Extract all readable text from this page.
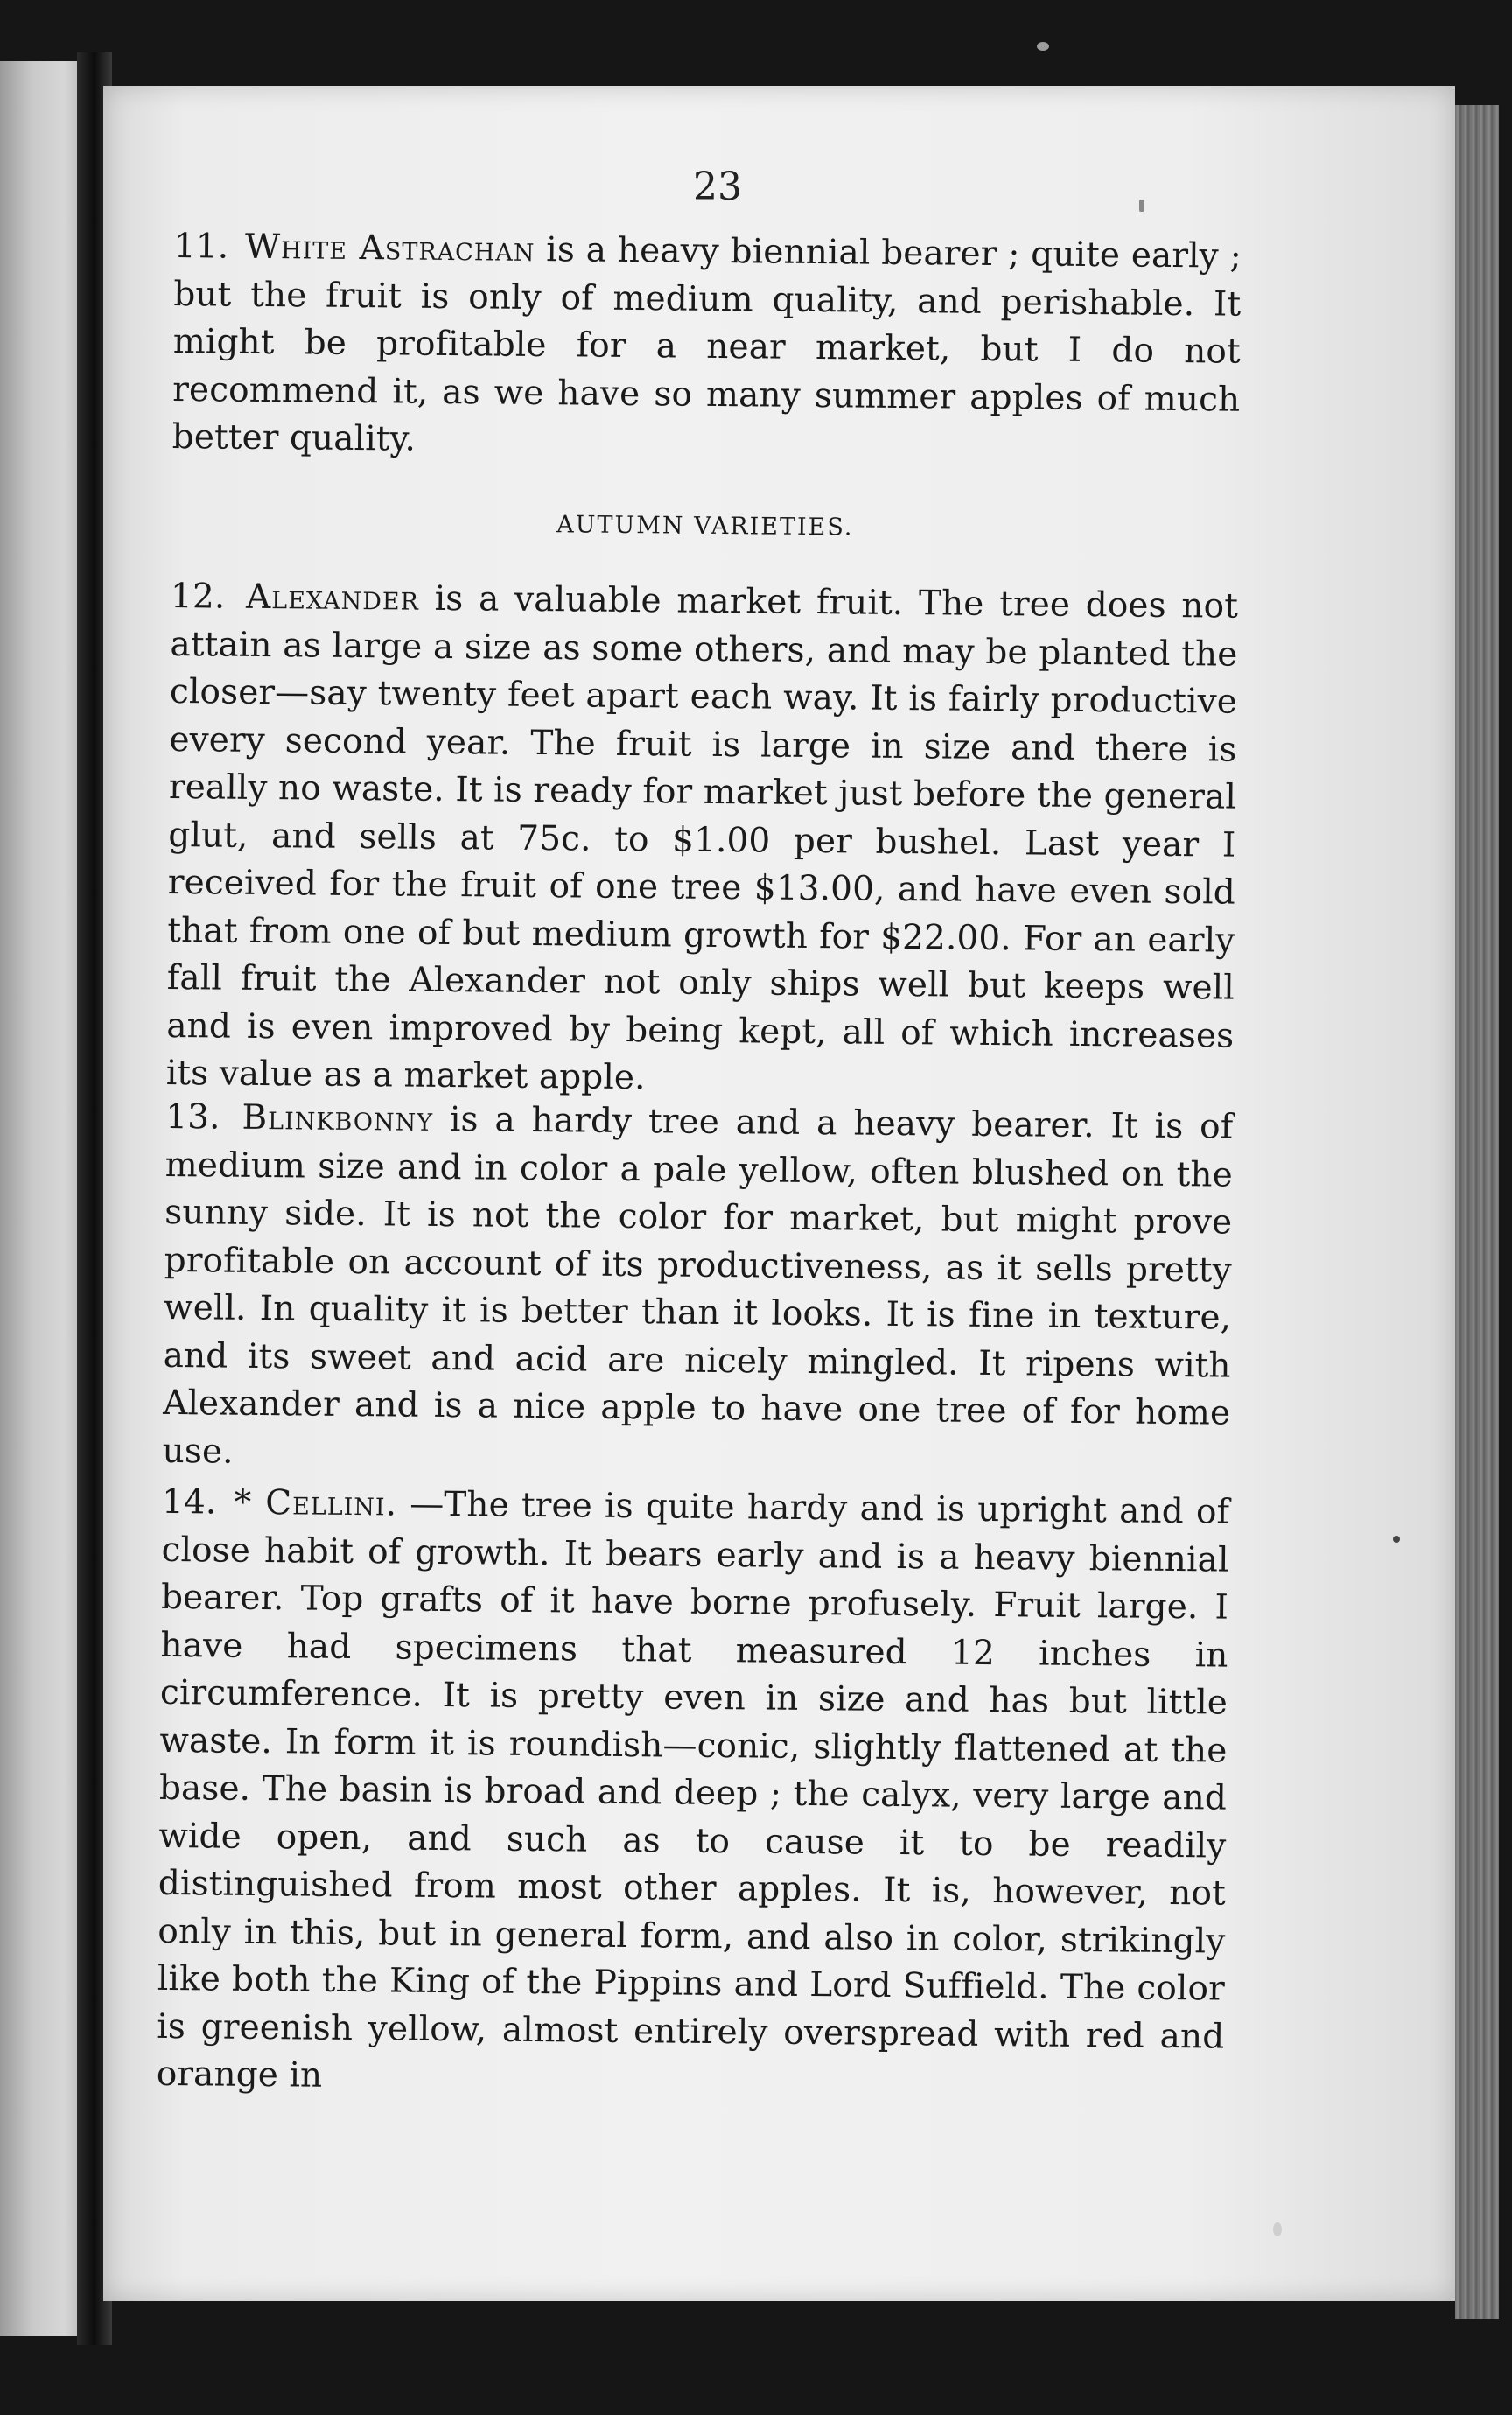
23
11. White Astrachan is a heavy biennial bearer ; quite early ; but the fruit is only of medium quality, and perishable. It might be profitable for a near market, but I do not recommend it, as we have so many summer apples of much better quality.
AUTUMN VARIETIES.
12. Alexander is a valuable market fruit. The tree does not attain as large a size as some others, and may be planted the closer—say twenty feet apart each way. It is fairly productive every second year. The fruit is large in size and there is really no waste. It is ready for market just before the general glut, and sells at 75c. to $1.00 per bushel. Last year I received for the fruit of one tree $13.00, and have even sold that from one of but medium growth for $22.00. For an early fall fruit the Alexander not only ships well but keeps well and is even improved by being kept, all of which increases its value as a market apple.
13. Blinkbonny is a hardy tree and a heavy bearer. It is of medium size and in color a pale yellow, often blushed on the sunny side. It is not the color for market, but might prove profitable on account of its productiveness, as it sells pretty well. In quality it is better than it looks. It is fine in texture, and its sweet and acid are nicely mingled. It ripens with Alexander and is a nice apple to have one tree of for home use.
14. * Cellini. —The tree is quite hardy and is upright and of close habit of growth. It bears early and is a heavy biennial bearer. Top grafts of it have borne profusely. Fruit large. I have had specimens that measured 12 inches in circumference. It is pretty even in size and has but little waste. In form it is roundish—conic, slightly flattened at the base. The basin is broad and deep ; the calyx, very large and wide open, and such as to cause it to be readily distinguished from most other apples. It is, however, not only in this, but in general form, and also in color, strikingly like both the King of the Pippins and Lord Suffield. The color is greenish yellow, almost entirely overspread with red and orange in
